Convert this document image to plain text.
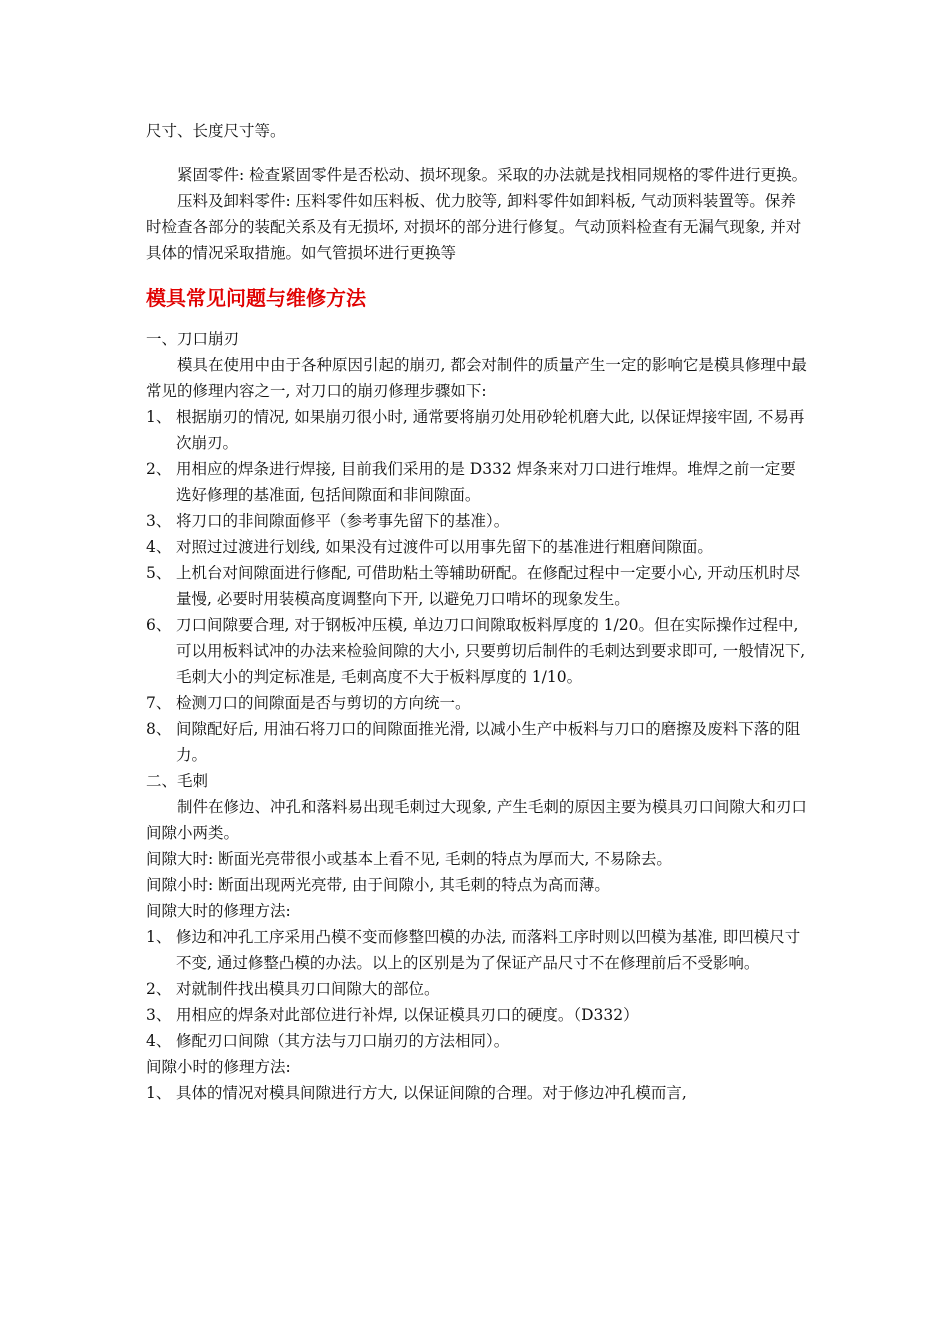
尺寸、长度尺寸等。

紧固零件: 检查紧固零件是否松动、损坏现象。采取的办法就是找相同规格的零件进行更换。

压料及卸料零件: 压料零件如压料板、优力胶等, 卸料零件如卸料板, 气动顶料装置等。保养时检查各部分的装配关系及有无损坏, 对损坏的部分进行修复。气动顶料检查有无漏气现象, 并对具体的情况采取措施。如气管损坏进行更换等

模具常见问题与维修方法

一、刀口崩刃

模具在使用中由于各种原因引起的崩刃, 都会对制件的质量产生一定的影响它是模具修理中最常见的修理内容之一, 对刀口的崩刃修理步骤如下:

1、 根据崩刃的情况, 如果崩刃很小时, 通常要将崩刃处用砂轮机磨大此, 以保证焊接牢固, 不易再次崩刃。
2、 用相应的焊条进行焊接, 目前我们采用的是 D332 焊条来对刀口进行堆焊。堆焊之前一定要选好修理的基准面, 包括间隙面和非间隙面。
3、 将刀口的非间隙面修平（参考事先留下的基准）。
4、 对照过过渡进行划线, 如果没有过渡件可以用事先留下的基准进行粗磨间隙面。
5、 上机台对间隙面进行修配, 可借助粘土等辅助研配。在修配过程中一定要小心, 开动压机时尽量慢, 必要时用装模高度调整向下开, 以避免刀口啃坏的现象发生。
6、 刀口间隙要合理, 对于钢板冲压模, 单边刀口间隙取板料厚度的 1/20。但在实际操作过程中, 可以用板料试冲的办法来检验间隙的大小, 只要剪切后制件的毛刺达到要求即可, 一般情况下, 毛刺大小的判定标准是, 毛刺高度不大于板料厚度的 1/10。
7、 检测刀口的间隙面是否与剪切的方向统一。
8、 间隙配好后, 用油石将刀口的间隙面推光滑, 以减小生产中板料与刀口的磨擦及废料下落的阻力。

二、毛刺

制件在修边、冲孔和落料易出现毛刺过大现象, 产生毛刺的原因主要为模具刃口间隙大和刃口间隙小两类。

间隙大时: 断面光亮带很小或基本上看不见, 毛刺的特点为厚而大, 不易除去。

间隙小时: 断面出现两光亮带, 由于间隙小, 其毛刺的特点为高而薄。

间隙大时的修理方法:

1、 修边和冲孔工序采用凸模不变而修整凹模的办法, 而落料工序时则以凹模为基准, 即凹模尺寸不变, 通过修整凸模的办法。以上的区别是为了保证产品尺寸不在修理前后不受影响。
2、 对就制件找出模具刃口间隙大的部位。
3、 用相应的焊条对此部位进行补焊, 以保证模具刃口的硬度。（D332）
4、 修配刃口间隙（其方法与刀口崩刃的方法相同）。

间隙小时的修理方法:

1、 具体的情况对模具间隙进行方大, 以保证间隙的合理。对于修边冲孔模而言,
